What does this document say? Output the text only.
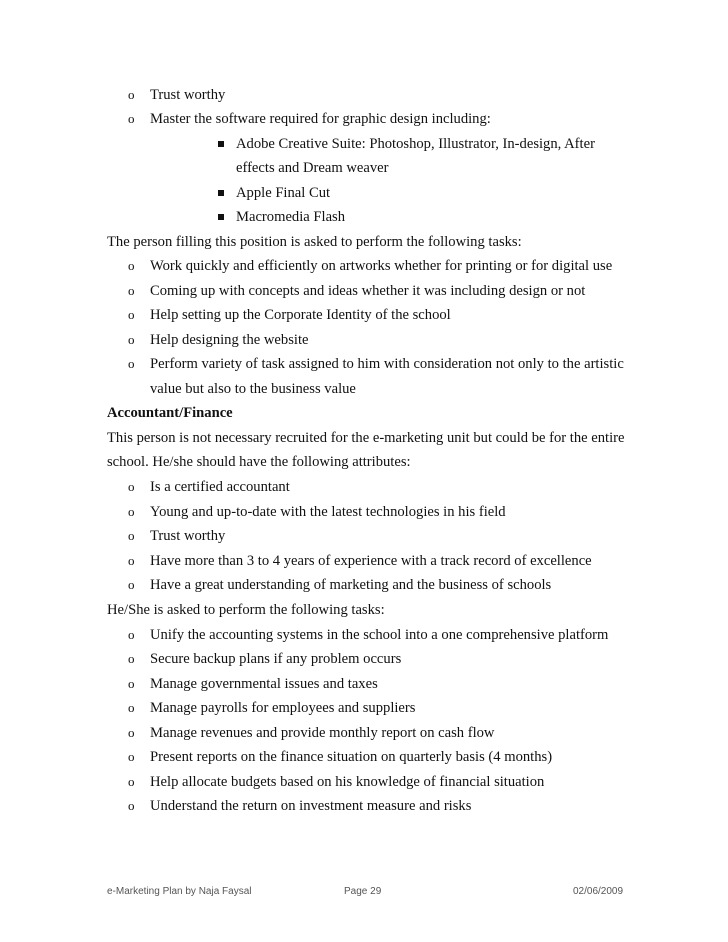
o Trust worthy
o Master the software required for graphic design including:
Adobe Creative Suite: Photoshop, Illustrator, In-design, After
effects and Dream weaver
Apple Final Cut
Macromedia Flash
The person filling this position is asked to perform the following tasks:
o Work quickly and efficiently on artworks whether for printing or for digital use
o Coming up with concepts and ideas whether it was including design or not
o Help setting up the Corporate Identity of the school
o Help designing the website
o Perform variety of task assigned to him with consideration not only to the artistic
value but also to the business value
Accountant/Finance
This person is not necessary recruited for the e-marketing unit but could be for the entire
school. He/she should have the following attributes:
o Is a certified accountant
o Young and up-to-date with the latest technologies in his field
o Trust worthy
o Have more than 3 to 4 years of experience with a track record of excellence
o Have a great understanding of marketing and the business of schools
He/She is asked to perform the following tasks:
o Unify the accounting systems in the school into a one comprehensive platform
o Secure backup plans if any problem occurs
o Manage governmental issues and taxes
o Manage payrolls for employees and suppliers
o Manage revenues and provide monthly report on cash flow
o Present reports on the finance situation on quarterly basis (4 months)
o Help allocate budgets based on his knowledge of financial situation
o Understand the return on investment measure and risks
e-Marketing Plan by Naja Faysal	Page 29	02/06/2009
